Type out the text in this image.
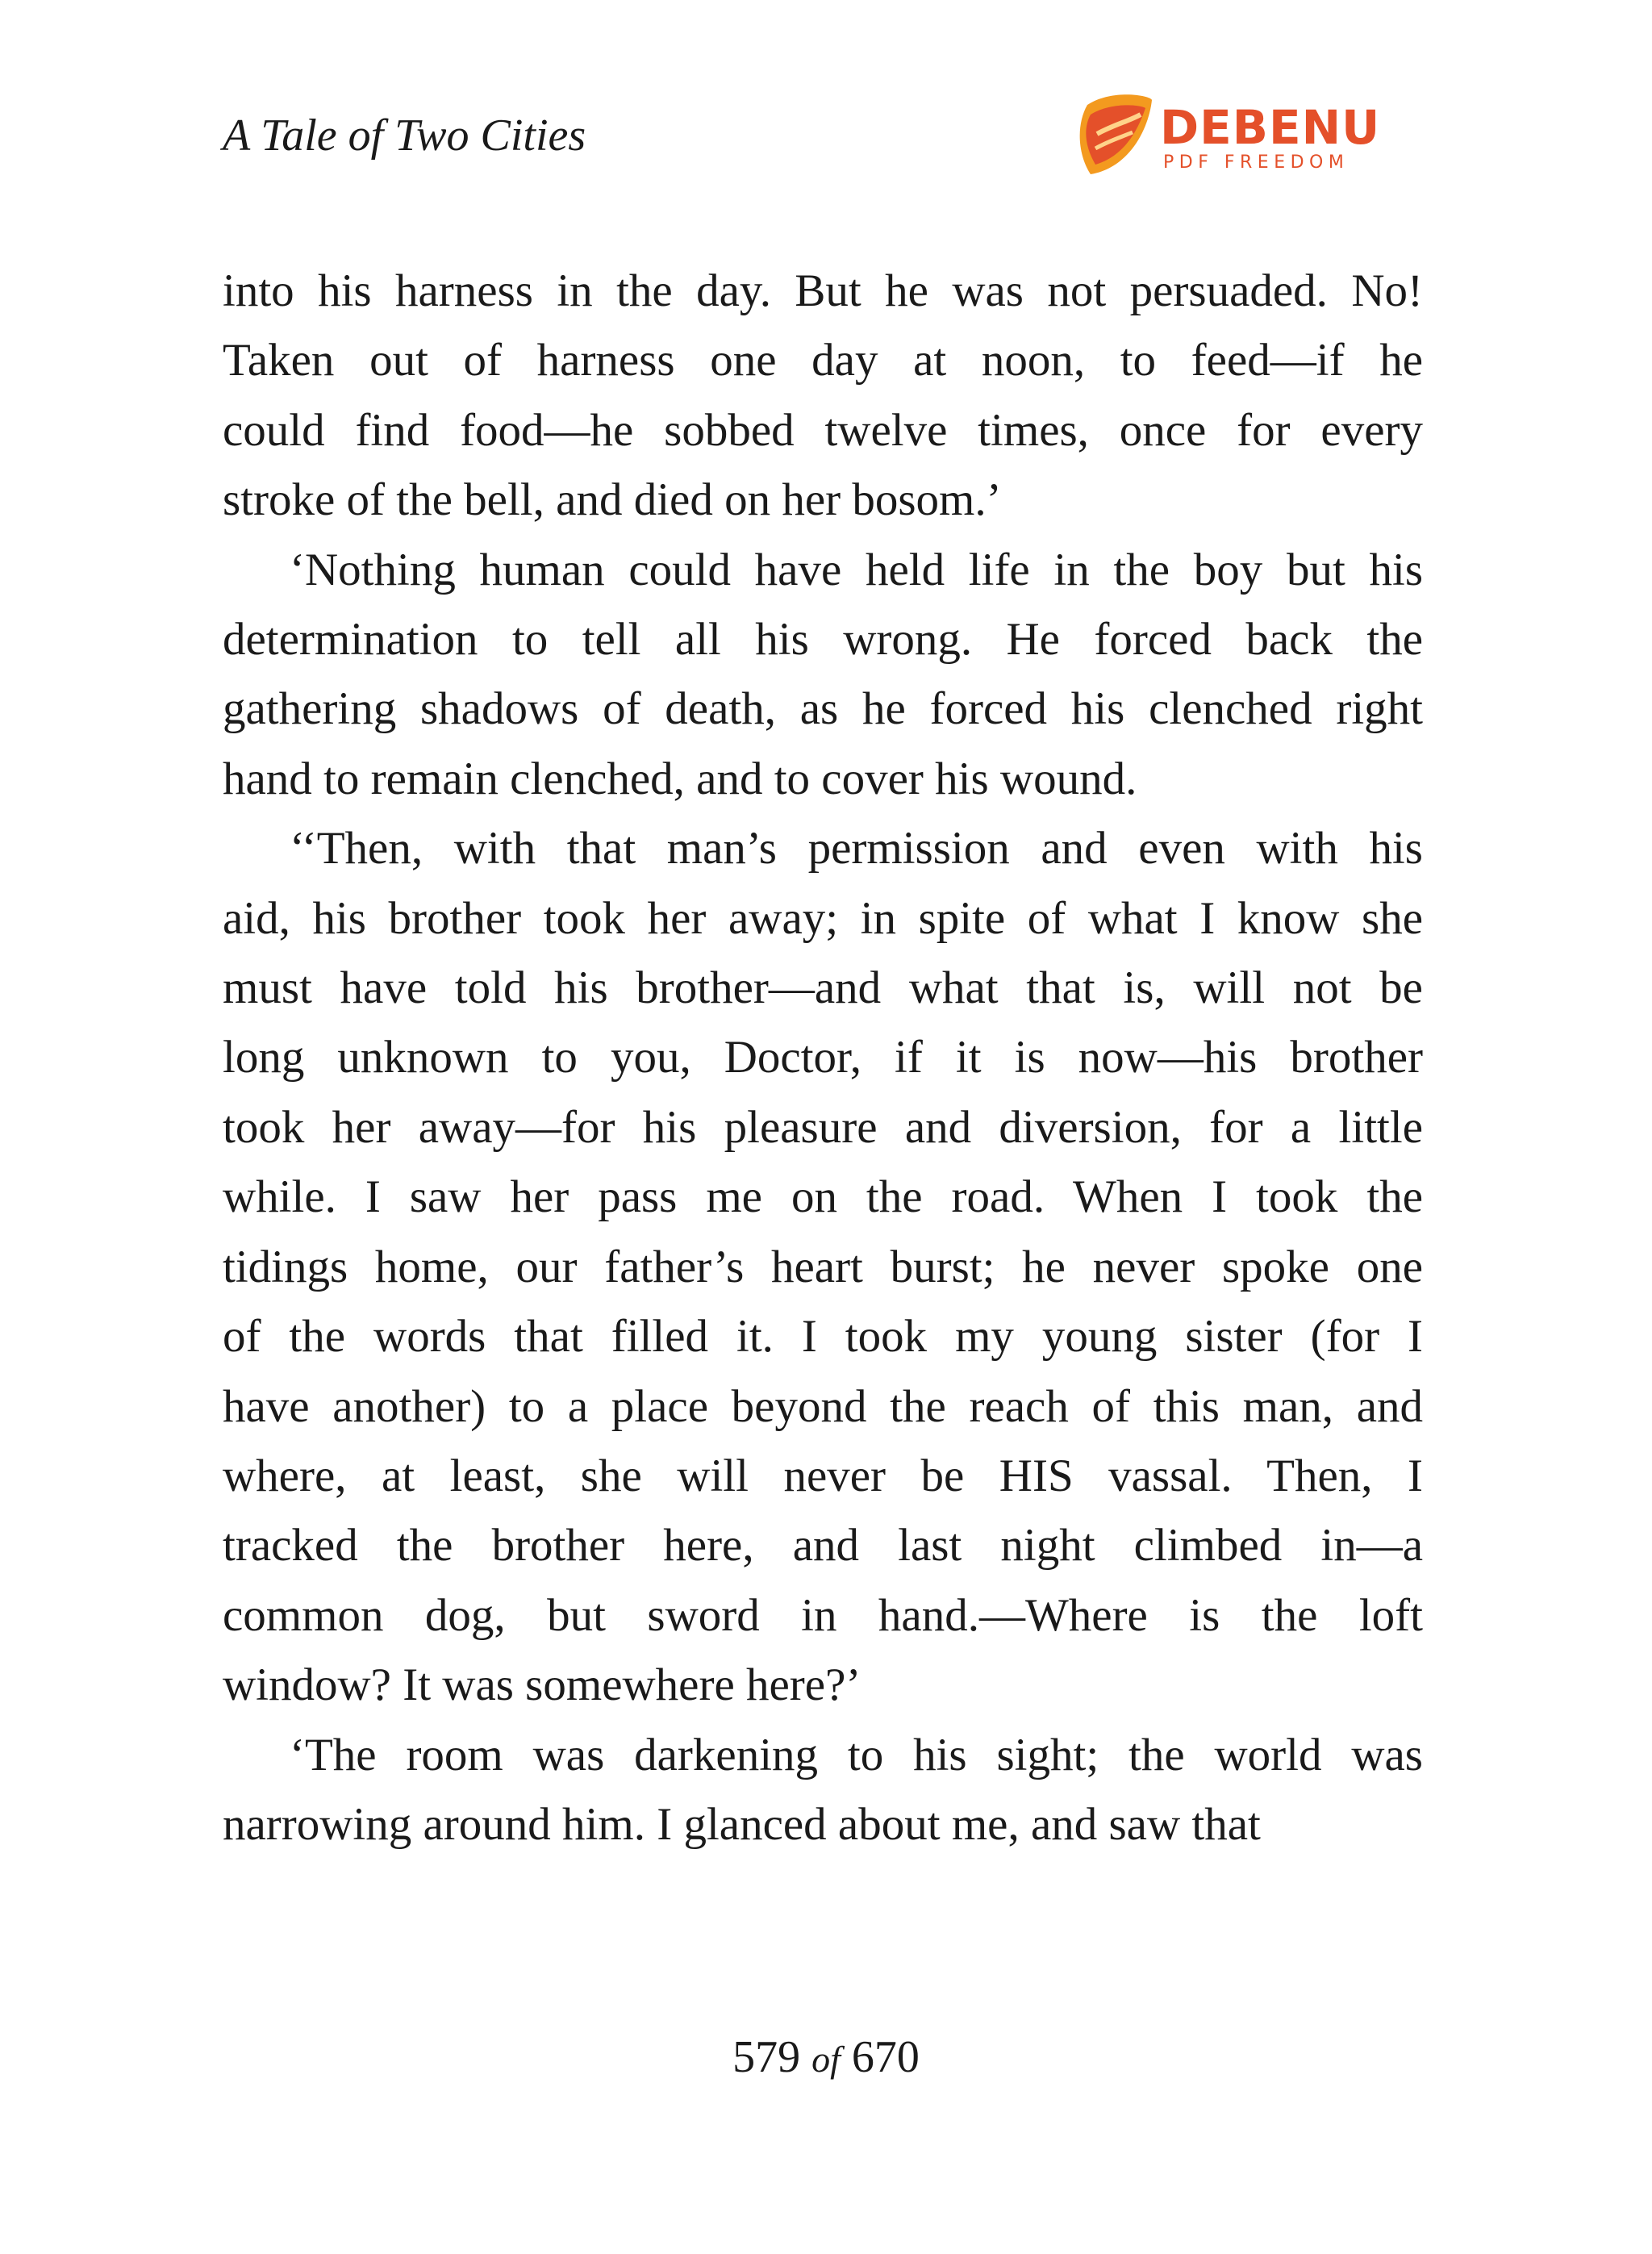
A Tale of Two Cities	DEBENU
PDF FREEDOM

into his harness in the day. But he was not persuaded. No!

Taken out of harness one day at noon, to feed—if he

could find food—he sobbed twelve times, once for every

stroke of the bell, and died on her bosom.’

‘Nothing human could have held life in the boy but his

determination to tell all his wrong. He forced back the

gathering shadows of death, as he forced his clenched right

hand to remain clenched, and to cover his wound.

‘‘Then, with that man’s permission and even with his

aid, his brother took her away; in spite of what I know she

must have told his brother—and what that is, will not be

long unknown to you, Doctor, if it is now—his brother

took her away—for his pleasure and diversion, for a little

while. I saw her pass me on the road. When I took the

tidings home, our father’s heart burst; he never spoke one

of the words that filled it. I took my young sister (for I

have another) to a place beyond the reach of this man, and

where, at least, she will never be HIS vassal. Then, I

tracked the brother here, and last night climbed in—a

common dog, but sword in hand.—Where is the loft

window? It was somewhere here?’

‘The room was darkening to his sight; the world was

narrowing around him. I glanced about me, and saw that

579 of 670
